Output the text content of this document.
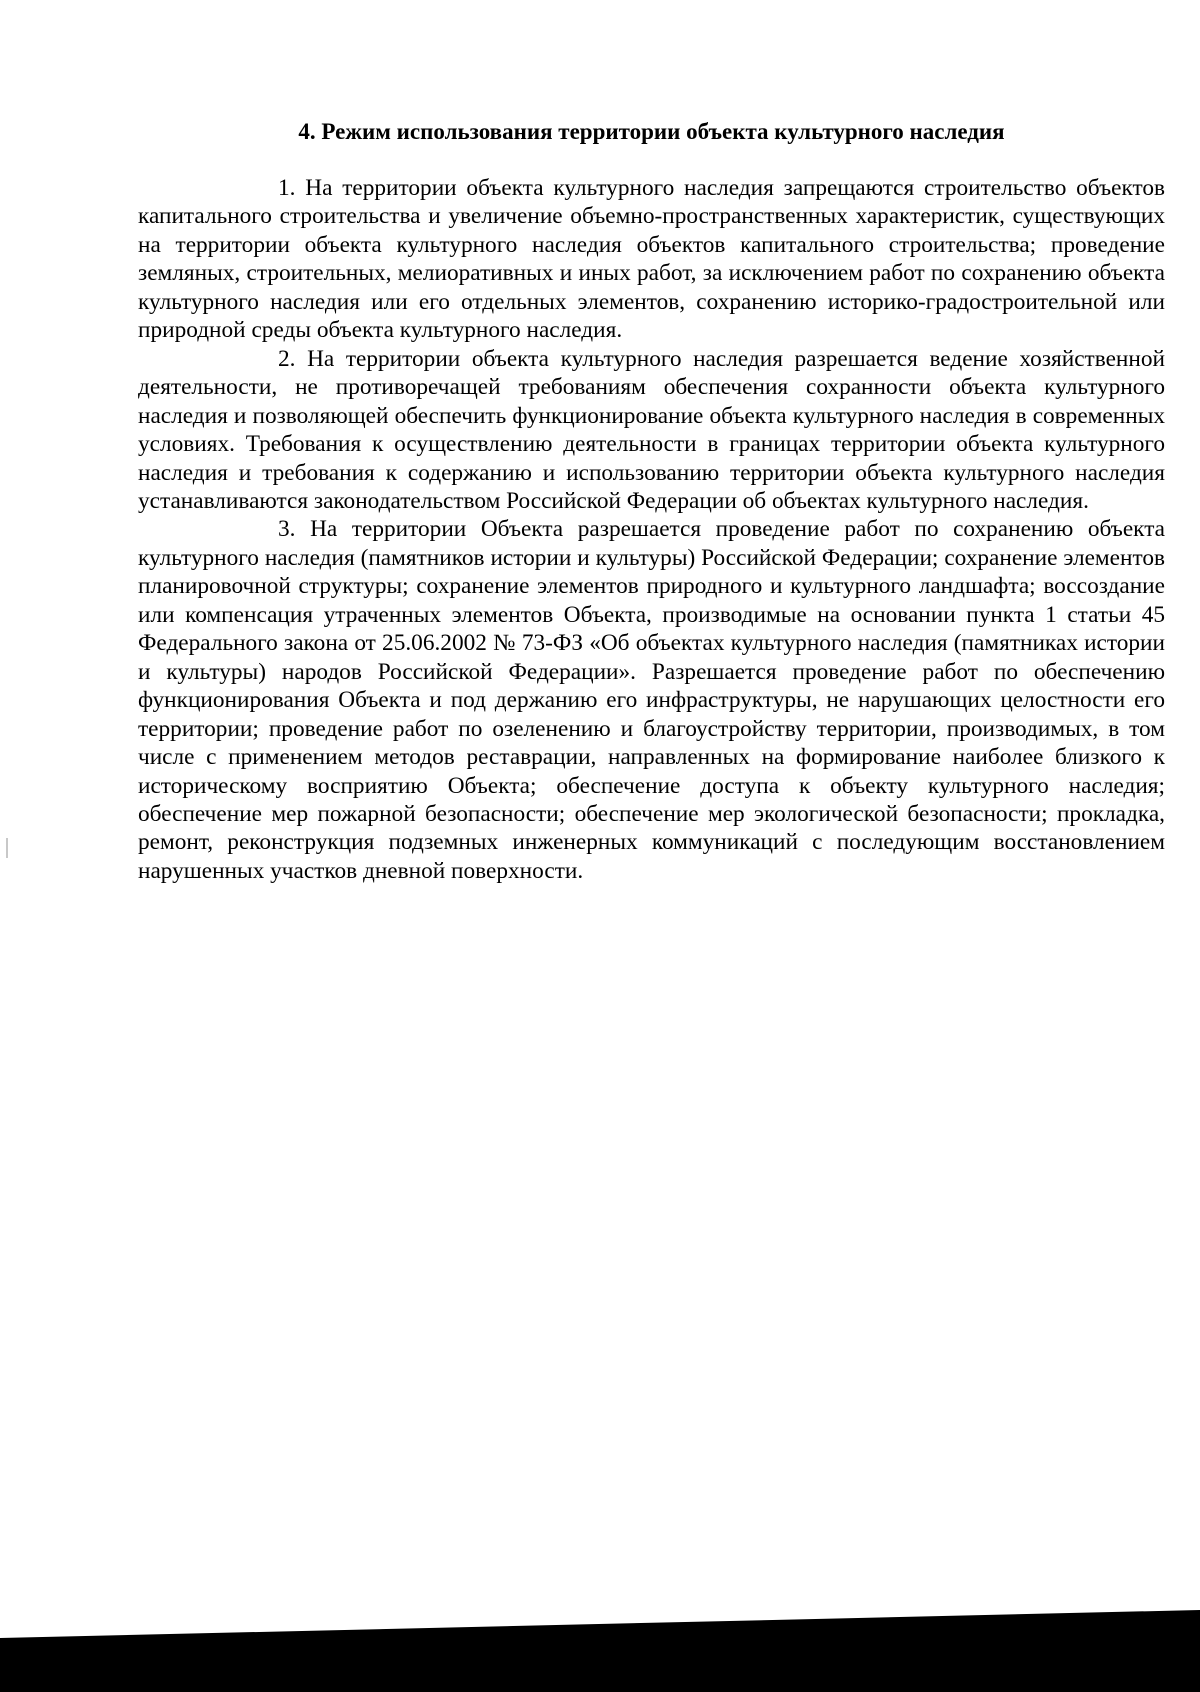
4. Режим использования территории объекта культурного наследия

1. На территории объекта культурного наследия запрещаются строительство объектов капитального строительства и увеличение объемно-пространственных характеристик, существующих на территории объекта культурного наследия объектов капитального строительства; проведение земляных, строительных, мелиоративных и иных работ, за исключением работ по сохранению объекта культурного наследия или его отдельных элементов, сохранению историко-градостроительной или природной среды объекта культурного наследия.

2. На территории объекта культурного наследия разрешается ведение хозяйственной деятельности, не противоречащей требованиям обеспечения сохранности объекта культурного наследия и позволяющей обеспечить функционирование объекта культурного наследия в современных условиях. Требования к осуществлению деятельности в границах территории объекта культурного наследия и требования к содержанию и использованию территории объекта культурного наследия устанавливаются законодательством Российской Федерации об объектах культурного наследия.

3. На территории Объекта разрешается проведение работ по сохранению объекта культурного наследия (памятников истории и культуры) Российской Федерации; сохранение элементов планировочной структуры; сохранение элементов природного и культурного ландшафта; воссоздание или компенсация утраченных элементов Объекта, производимые на основании пункта 1 статьи 45 Федерального закона от 25.06.2002 № 73-ФЗ «Об объектах культурного наследия (памятниках истории и культуры) народов Российской Федерации». Разрешается проведение работ по обеспечению функционирования Объекта и под держанию его инфраструктуры, не нарушающих целостности его территории; проведение работ по озеленению и благоустройству территории, производимых, в том числе с применением методов реставрации, направленных на формирование наиболее близкого к историческому восприятию Объекта; обеспечение доступа к объекту культурного наследия; обеспечение мер пожарной безопасности; обеспечение мер экологической безопасности; прокладка, ремонт, реконструкция подземных инженерных коммуникаций с последующим восстановлением нарушенных участков дневной поверхности.
